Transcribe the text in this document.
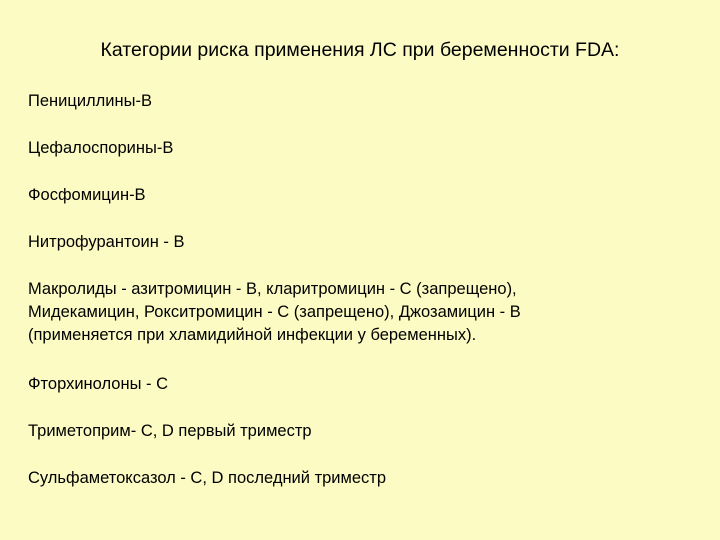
Категории риска применения ЛС при беременности FDA:
Пенициллины-В
Цефалоспорины-В
Фосфомицин-В
Нитрофурантоин - В
Макролиды - азитромицин - В, кларитромицин - С (запрещено),
Мидекамицин, Рокситромицин - С (запрещено), Джозамицин - В
(применяется при хламидийной инфекции у беременных).
Фторхинолоны - С
Триметоприм- С, D первый триместр
Сульфаметоксазол - С, D последний триместр
